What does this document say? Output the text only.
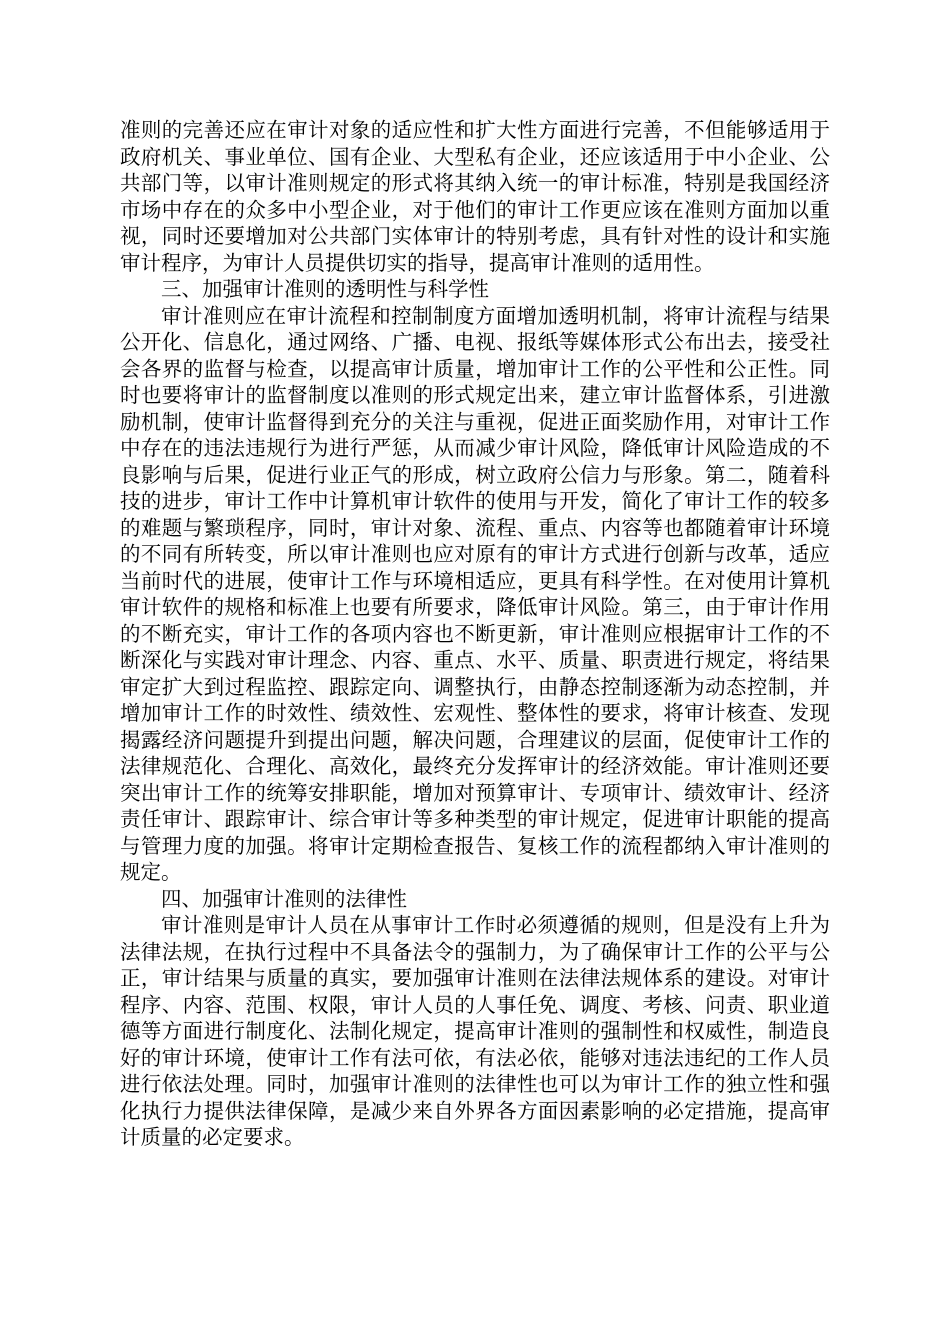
准则的完善还应在审计对象的适应性和扩大性方面进行完善，不但能够适用于政府机关、事业单位、国有企业、大型私有企业，还应该适用于中小企业、公共部门等，以审计准则规定的形式将其纳入统一的审计标准，特别是我国经济市场中存在的众多中小型企业，对于他们的审计工作更应该在准则方面加以重视，同时还要增加对公共部门实体审计的特别考虑，具有针对性的设计和实施审计程序，为审计人员提供切实的指导，提高审计准则的适用性。

三、加强审计准则的透明性与科学性

审计准则应在审计流程和控制制度方面增加透明机制，将审计流程与结果公开化、信息化，通过网络、广播、电视、报纸等媒体形式公布出去，接受社会各界的监督与检查，以提高审计质量，增加审计工作的公平性和公正性。同时也要将审计的监督制度以准则的形式规定出来，建立审计监督体系，引进激励机制，使审计监督得到充分的关注与重视，促进正面奖励作用，对审计工作中存在的违法违规行为进行严惩，从而减少审计风险，降低审计风险造成的不良影响与后果，促进行业正气的形成，树立政府公信力与形象。第二，随着科技的进步，审计工作中计算机审计软件的使用与开发，简化了审计工作的较多的难题与繁琐程序，同时，审计对象、流程、重点、内容等也都随着审计环境的不同有所转变，所以审计准则也应对原有的审计方式进行创新与改革，适应当前时代的进展，使审计工作与环境相适应，更具有科学性。在对使用计算机审计软件的规格和标准上也要有所要求，降低审计风险。第三，由于审计作用的不断充实，审计工作的各项内容也不断更新，审计准则应根据审计工作的不断深化与实践对审计理念、内容、重点、水平、质量、职责进行规定，将结果审定扩大到过程监控、跟踪定向、调整执行，由静态控制逐渐为动态控制，并增加审计工作的时效性、绩效性、宏观性、整体性的要求，将审计核查、发现揭露经济问题提升到提出问题，解决问题，合理建议的层面，促使审计工作的法律规范化、合理化、高效化，最终充分发挥审计的经济效能。审计准则还要突出审计工作的统筹安排职能，增加对预算审计、专项审计、绩效审计、经济责任审计、跟踪审计、综合审计等多种类型的审计规定，促进审计职能的提高与管理力度的加强。将审计定期检查报告、复核工作的流程都纳入审计准则的规定。

四、加强审计准则的法律性

审计准则是审计人员在从事审计工作时必须遵循的规则，但是没有上升为法律法规，在执行过程中不具备法令的强制力，为了确保审计工作的公平与公正，审计结果与质量的真实，要加强审计准则在法律法规体系的建设。对审计程序、内容、范围、权限，审计人员的人事任免、调度、考核、问责、职业道德等方面进行制度化、法制化规定，提高审计准则的强制性和权威性，制造良好的审计环境，使审计工作有法可依，有法必依，能够对违法违纪的工作人员进行依法处理。同时，加强审计准则的法律性也可以为审计工作的独立性和强化执行力提供法律保障，是减少来自外界各方面因素影响的必定措施，提高审计质量的必定要求。
